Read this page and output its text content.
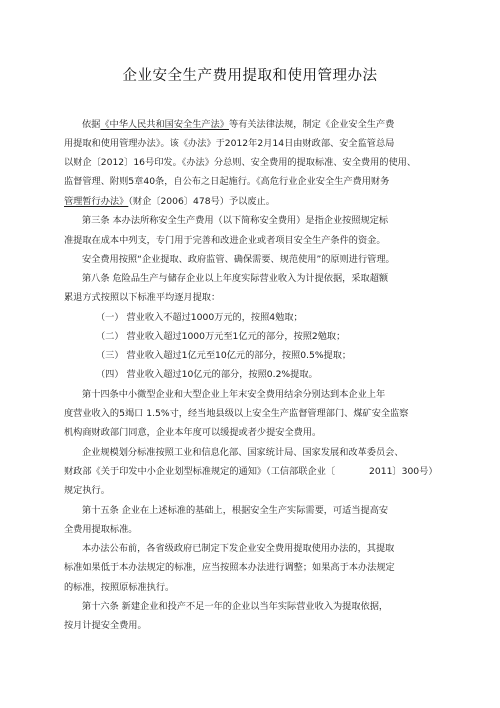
企业安全生产费用提取和使用管理办法
依据《中华人民共和国安全生产法》等有关法律法规，制定《企业安全生产费
用提取和使用管理办法》。该《办法》于2012年2月14日由财政部、安全监管总局
以财企〔2012〕16号印发。《办法》分总则、安全费用的提取标准、安全费用的使用、
监督管理、附则5章40条，自公布之日起施行。《高危行业企业安全生产费用财务
管理暂行办法》（财企〔2006〕478号）予以废止。
第三条 本办法所称安全生产费用（以下简称安全费用）是指企业按照规定标
准提取在成本中列支，专门用于完善和改进企业或者项目安全生产条件的资金。
安全费用按照“企业提取、政府监管、确保需要、规范使用”的原则进行管理。
第八条 危险品生产与储存企业以上年度实际营业收入为计提依据，采取超额
累退方式按照以下标准平均逐月提取：
（一） 营业收入不超过1000万元的，按照4勉取；
（二） 营业收入超过1000万元至1亿元的部分，按照2勉取；
（三） 营业收入超过1亿元至10亿元的部分，按照0.5%提取；
（四） 营业收入超过10亿元的部分，按照0.2%提取。
第十四条中小微型企业和大型企业上年末安全费用结余分别达到本企业上年
度营业收入的5竭口 1.5%寸，经当地县级以上安全生产监督管理部门、煤矿安全监察
机构商财政部门同意，企业本年度可以缓提或者少提安全费用。
企业规模划分标准按照工业和信息化部、国家统计局、国家发展和改革委员会、
财政部《关于印发中小企业划型标准规定的通知》（工信部联企业〔	2011〕300号）
规定执行。
第十五条 企业在上述标准的基础上，根据安全生产实际需要，可适当提高安
全费用提取标准。
本办法公布前，各省级政府已制定下发企业安全费用提取使用办法的，其提取
标准如果低于本办法规定的标准，应当按照本办法进行调整；如果高于本办法规定
的标准，按照原标准执行。
第十六条 新建企业和投产不足一年的企业以当年实际营业收入为提取依据，
按月计提安全费用。
